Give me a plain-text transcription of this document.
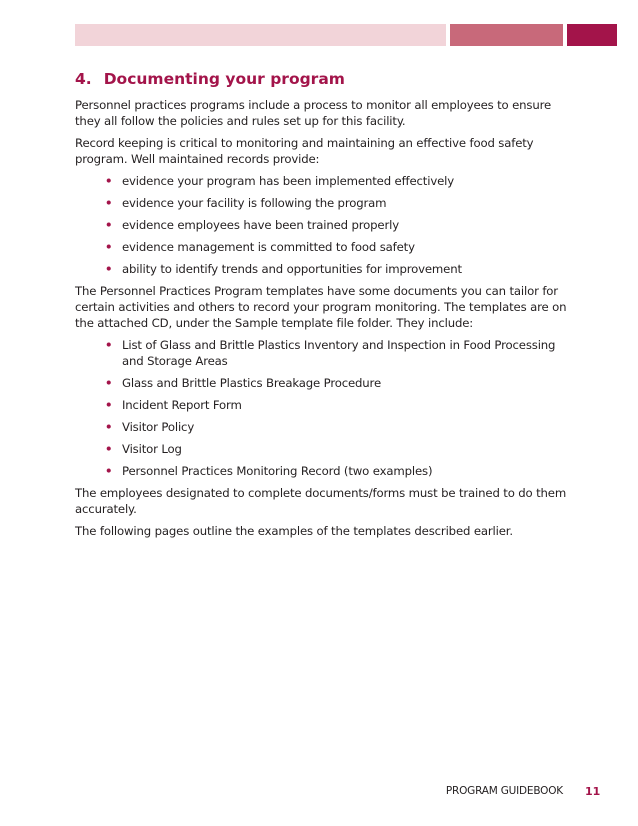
4. Documenting your program

Personnel practices programs include a process to monitor all employees to ensure they all follow the policies and rules set up for this facility.

Record keeping is critical to monitoring and maintaining an effective food safety program. Well maintained records provide:

• evidence your program has been implemented effectively
• evidence your facility is following the program
• evidence employees have been trained properly
• evidence management is committed to food safety
• ability to identify trends and opportunities for improvement

The Personnel Practices Program templates have some documents you can tailor for certain activities and others to record your program monitoring. The templates are on the attached CD, under the Sample template file folder. They include:

• List of Glass and Brittle Plastics Inventory and Inspection in Food Processing and Storage Areas
• Glass and Brittle Plastics Breakage Procedure
• Incident Report Form
• Visitor Policy
• Visitor Log
• Personnel Practices Monitoring Record (two examples)

The employees designated to complete documents/forms must be trained to do them accurately.

The following pages outline the examples of the templates described earlier.

PROGRAM GUIDEBOOK 11
